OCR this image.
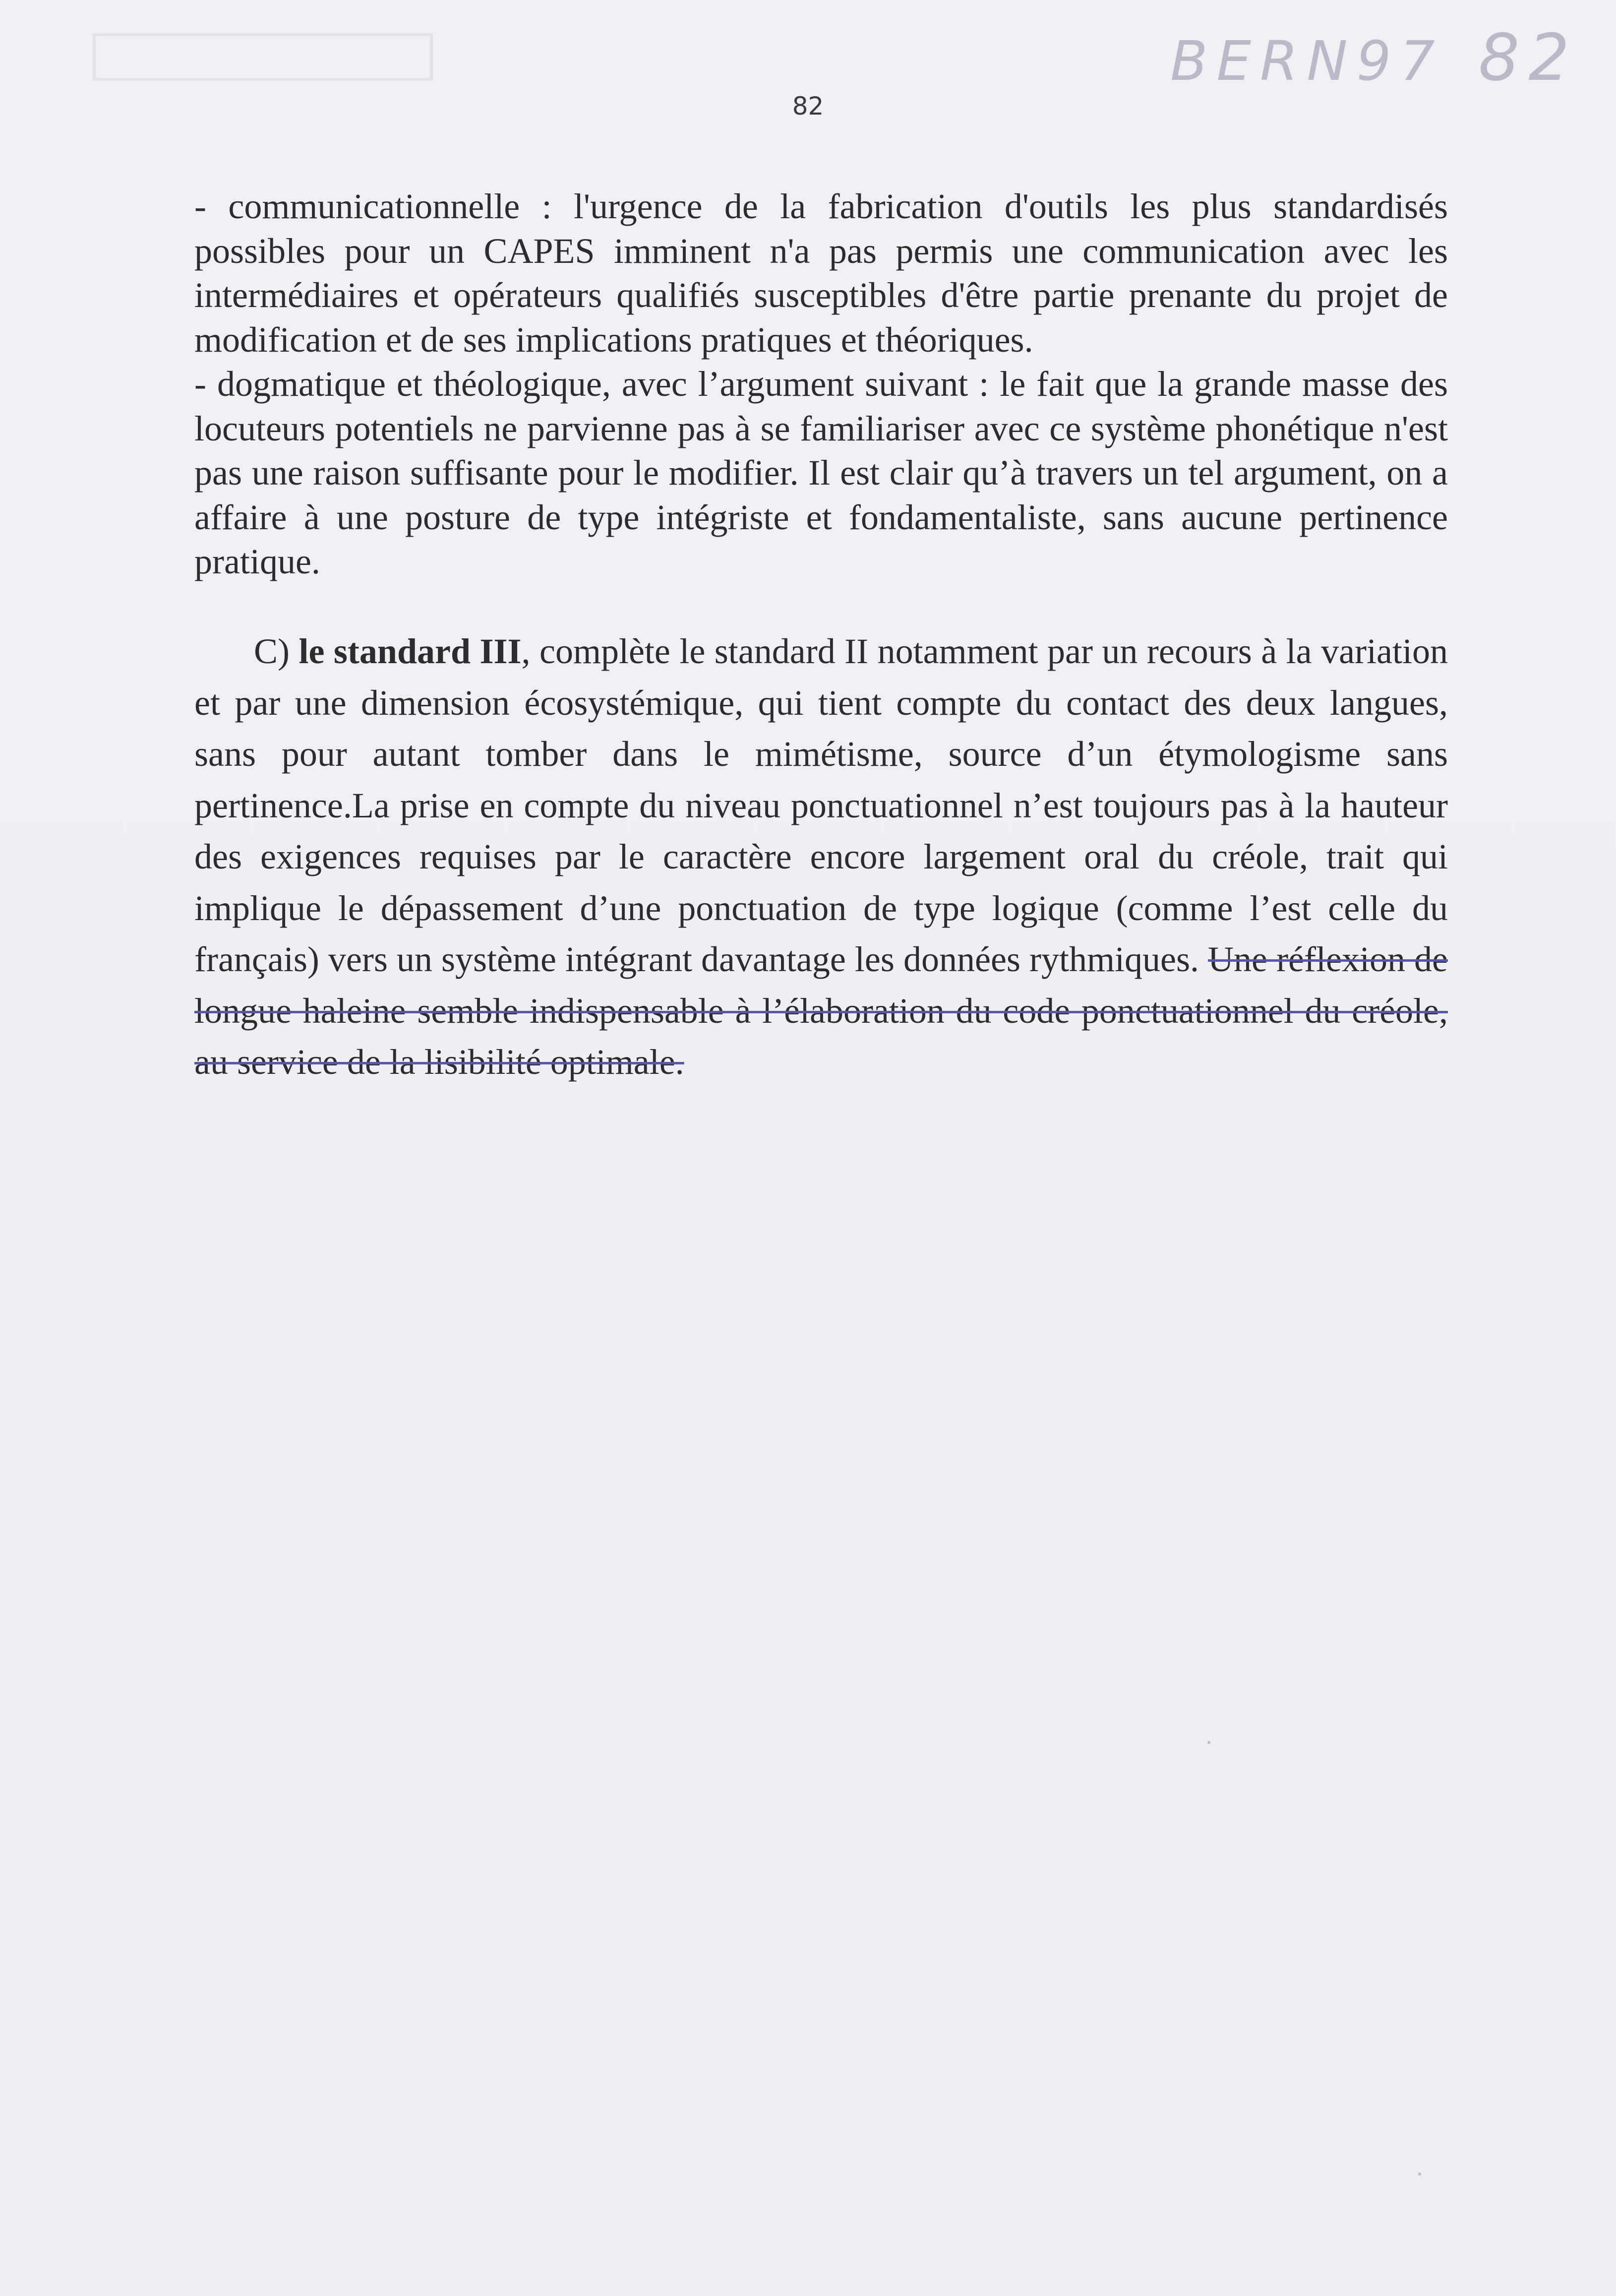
BERN97 82
82

- communicationnelle : l'urgence de la fabrication d'outils les plus standardisés possibles pour un CAPES imminent n'a pas permis une communication avec les intermédiaires et opérateurs qualifiés susceptibles d'être partie prenante du projet de modification et de ses implications pratiques et théoriques.

- dogmatique et théologique, avec l’argument suivant : le fait que la grande masse des locuteurs potentiels ne parvienne pas à se familiariser avec ce système phonétique n'est pas une raison suffisante pour le modifier. Il est clair qu’à travers un tel argument, on a affaire à une posture de type intégriste et fondamentaliste, sans aucune pertinence pratique.

C) le standard III, complète le standard II notamment par un recours à la variation et par une dimension écosystémique, qui tient compte du contact des deux langues, sans pour autant tomber dans le mimétisme, source d’un étymologisme sans pertinence.La prise en compte du niveau ponctuationnel n’est toujours pas à la hauteur des exigences requises par le caractère encore largement oral du créole, trait qui implique le dépassement d’une ponctuation de type logique (comme l’est celle du français) vers un système intégrant davantage les données rythmiques. Une réflexion de longue haleine semble indispensable à l’élaboration du code ponctuationnel du créole, au service de la lisibilité optimale.
